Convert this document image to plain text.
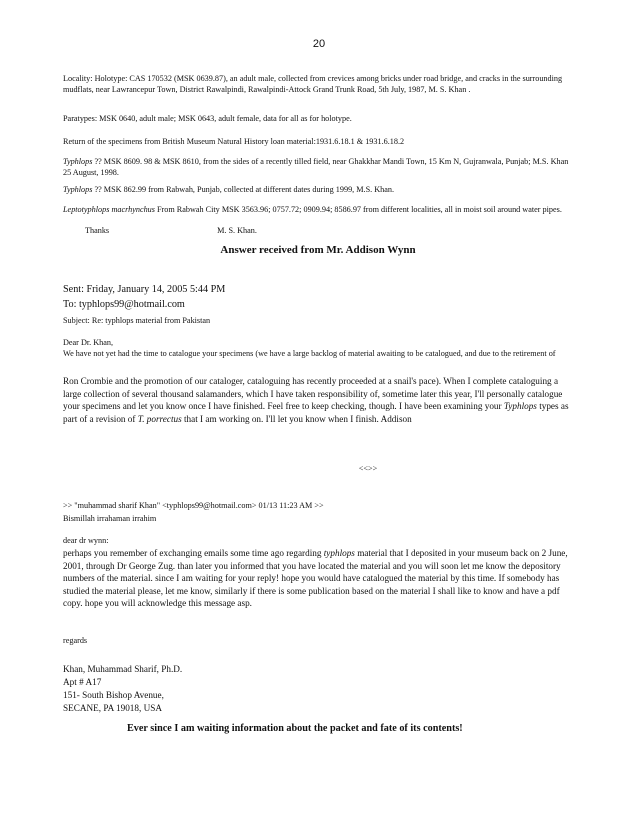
20

Locality: Holotype: CAS 170532 (MSK 0639.87), an adult male, collected from crevices among bricks under road bridge, and cracks in the surrounding mudflats, near Lawrancepur Town, District Rawalpindi, Rawalpindi-Attock Grand Trunk Road, 5th July, 1987, M. S. Khan .

Paratypes: MSK 0640, adult male; MSK 0643, adult female, data for all as for holotype.

Return of the specimens from British Museum Natural History loan material:1931.6.18.1 & 1931.6.18.2

Typhlops ?? MSK 8609. 98 & MSK 8610, from the sides of a recently tilled field, near Ghakkhar Mandi Town, 15 Km N, Gujranwala, Punjab; M.S. Khan 25 August, 1998.

Typhlops ?? MSK 862.99 from Rabwah, Punjab, collected at different dates during 1999, M.S. Khan.

Leptotyphlops macrhynchus From Rabwah City MSK 3563.96; 0757.72; 0909.94; 8586.97 from different localities, all in moist soil around water pipes.

Thanks	M. S. Khan.

Answer received from Mr. Addison Wynn

Sent: Friday, January 14, 2005 5:44 PM

To: typhlops99@hotmail.com

Subject: Re: typhlops material from Pakistan

Dear Dr. Khan,

We have not yet had the time to catalogue your specimens (we have a large backlog of material awaiting to be catalogued, and due to the retirement of

Ron Crombie and the promotion of our cataloger, cataloguing has recently proceeded at a snail's pace). When I complete cataloguing a large collection of several thousand salamanders, which I have taken responsibility of, sometime later this year, I'll personally catalogue your specimens and let you know once I have finished. Feel free to keep checking, though. I have been examining your Typhlops types as part of a revision of T. porrectus that I am working on. I'll let you know when I finish. Addison

<<>>

>> "muhammad sharif Khan" <typhlops99@hotmail.com> 01/13 11:23 AM >>

Bismillah irrahaman irrahim

dear dr wynn:

perhaps you remember of exchanging emails some time ago regarding typhlops material that I deposited in your museum back on 2 June, 2001, through Dr George Zug. than later you informed that you have located the material and you will soon let me know the depository numbers of the material. since I am waiting for your reply! hope you would have catalogued the material by this time. If somebody has studied the material please, let me know, similarly if there is some publication based on the material I shall like to know and have a pdf copy. hope you will acknowledge this message asp.

regards

Khan, Muhammad Sharif, Ph.D.

Apt # A17

151- South Bishop Avenue,

SECANE, PA 19018, USA

Ever since I am waiting information about the packet and fate of its contents!
